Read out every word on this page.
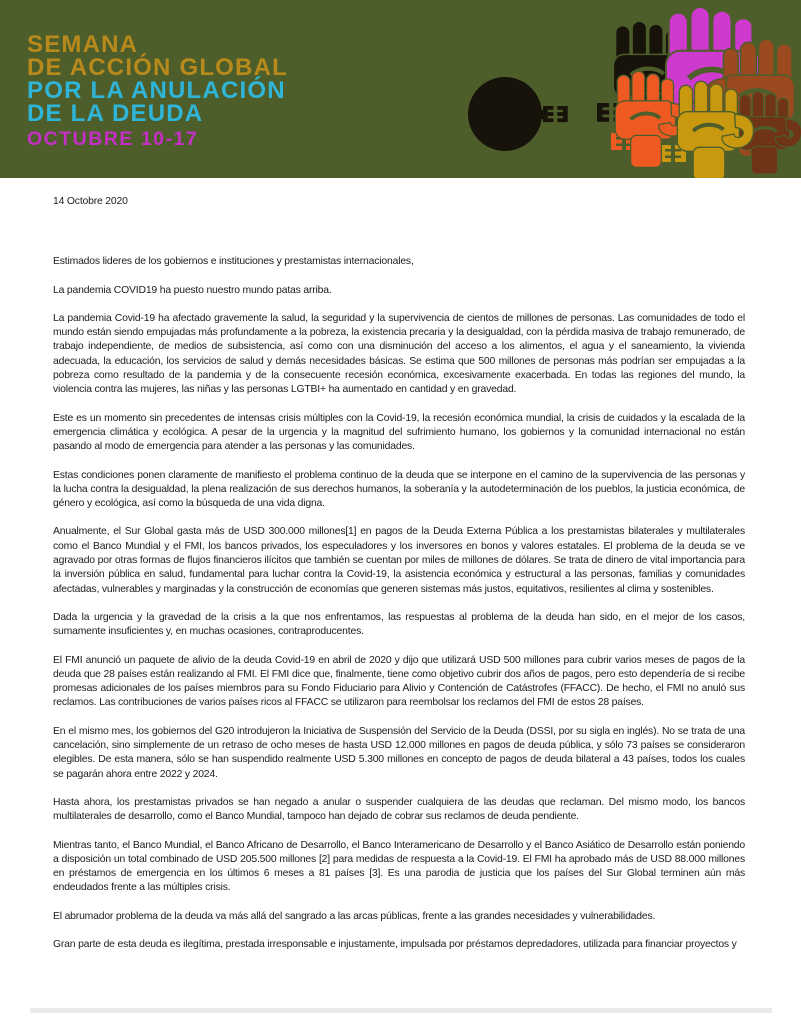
SEMANA
DE ACCIÓN GLOBAL
POR LA ANULACIÓN
DE LA DEUDA
OCTUBRE 10-17

14 Octobre 2020

Estimados lideres de los gobiernos e instituciones y prestamistas internacionales,

La pandemia COVID19 ha puesto nuestro mundo patas arriba.

La pandemia Covid-19 ha afectado gravemente la salud, la seguridad y la supervivencia de cientos de millones de personas. Las comunidades de todo el mundo están siendo empujadas más profundamente a la pobreza, la existencia precaria y la desigualdad, con la pérdida masiva de trabajo remunerado, de trabajo independiente, de medios de subsistencia, así como con una disminución del acceso a los alimentos, el agua y el saneamiento, la vivienda adecuada, la educación, los servicios de salud y demás necesidades básicas. Se estima que 500 millones de personas más podrían ser empujadas a la pobreza como resultado de la pandemia y de la consecuente recesión económica, excesivamente exacerbada. En todas las regiones del mundo, la violencia contra las mujeres, las niñas y las personas LGTBI+ ha aumentado en cantidad y en gravedad.

Este es un momento sin precedentes de intensas crisis múltiples con la Covid-19, la recesión económica mundial, la crisis de cuidados y la escalada de la emergencia climática y ecológica. A pesar de la urgencia y la magnitud del sufrimiento humano, los gobiernos y la comunidad internacional no están pasando al modo de emergencia para atender a las personas y las comunidades.

Estas condiciones ponen claramente de manifiesto el problema continuo de la deuda que se interpone en el camino de la supervivencia de las personas y la lucha contra la desigualdad, la plena realización de sus derechos humanos, la soberanía y la autodeterminación de los pueblos, la justicia económica, de género y ecológica, así como la búsqueda de una vida digna.

Anualmente, el Sur Global gasta más de USD 300.000 millones[1] en pagos de la Deuda Externa Pública a los prestamistas bilaterales y multilaterales como el Banco Mundial y el FMI, los bancos privados, los especuladores y los inversores en bonos y valores estatales. El problema de la deuda se ve agravado por otras formas de flujos financieros ilícitos que también se cuentan por miles de millones de dólares. Se trata de dinero de vital importancia para la inversión pública en salud, fundamental para luchar contra la Covid-19, la asistencia económica y estructural a las personas, familias y comunidades afectadas, vulnerables y marginadas y la construcción de economías que generen sistemas más justos, equitativos, resilientes al clima y sostenibles.

Dada la urgencia y la gravedad de la crisis a la que nos enfrentamos, las respuestas al problema de la deuda han sido, en el mejor de los casos, sumamente insuficientes y, en muchas ocasiones, contraproducentes.

El FMI anunció un paquete de alivio de la deuda Covid-19 en abril de 2020 y dijo que utilizará USD 500 millones para cubrir varios meses de pagos de la deuda que 28 países están realizando al FMI. El FMI dice que, finalmente, tiene como objetivo cubrir dos años de pagos, pero esto dependería de si recibe promesas adicionales de los países miembros para su Fondo Fiduciario para Alivio y Contención de Catástrofes (FFACC). De hecho, el FMI no anuló sus reclamos. Las contribuciones de varios países ricos al FFACC se utilizaron para reembolsar los reclamos del FMI de estos 28 países.

En el mismo mes, los gobiernos del G20 introdujeron la Iniciativa de Suspensión del Servicio de la Deuda (DSSI, por su sigla en inglés). No se trata de una cancelación, sino simplemente de un retraso de ocho meses de hasta USD 12.000 millones en pagos de deuda pública, y sólo 73 países se consideraron elegibles. De esta manera, sólo se han suspendido realmente USD 5.300 millones en concepto de pagos de deuda bilateral a 43 países, todos los cuales se pagarán ahora entre 2022 y 2024.

Hasta ahora, los prestamistas privados se han negado a anular o suspender cualquiera de las deudas que reclaman. Del mismo modo, los bancos multilaterales de desarrollo, como el Banco Mundial, tampoco han dejado de cobrar sus reclamos de deuda pendiente.

Mientras tanto, el Banco Mundial, el Banco Africano de Desarrollo, el Banco Interamericano de Desarrollo y el Banco Asiático de Desarrollo están poniendo a disposición un total combinado de USD 205.500 millones [2] para medidas de respuesta a la Covid-19. El FMI ha aprobado más de USD 88.000 millones en préstamos de emergencia en los últimos 6 meses a 81 países [3]. Es una parodia de justicia que los países del Sur Global terminen aún más endeudados frente a las múltiples crisis.

El abrumador problema de la deuda va más allá del sangrado a las arcas públicas, frente a las grandes necesidades y vulnerabilidades.

Gran parte de esta deuda es ilegítima, prestada irresponsable e injustamente, impulsada por préstamos depredadores, utilizada para financiar proyectos y
